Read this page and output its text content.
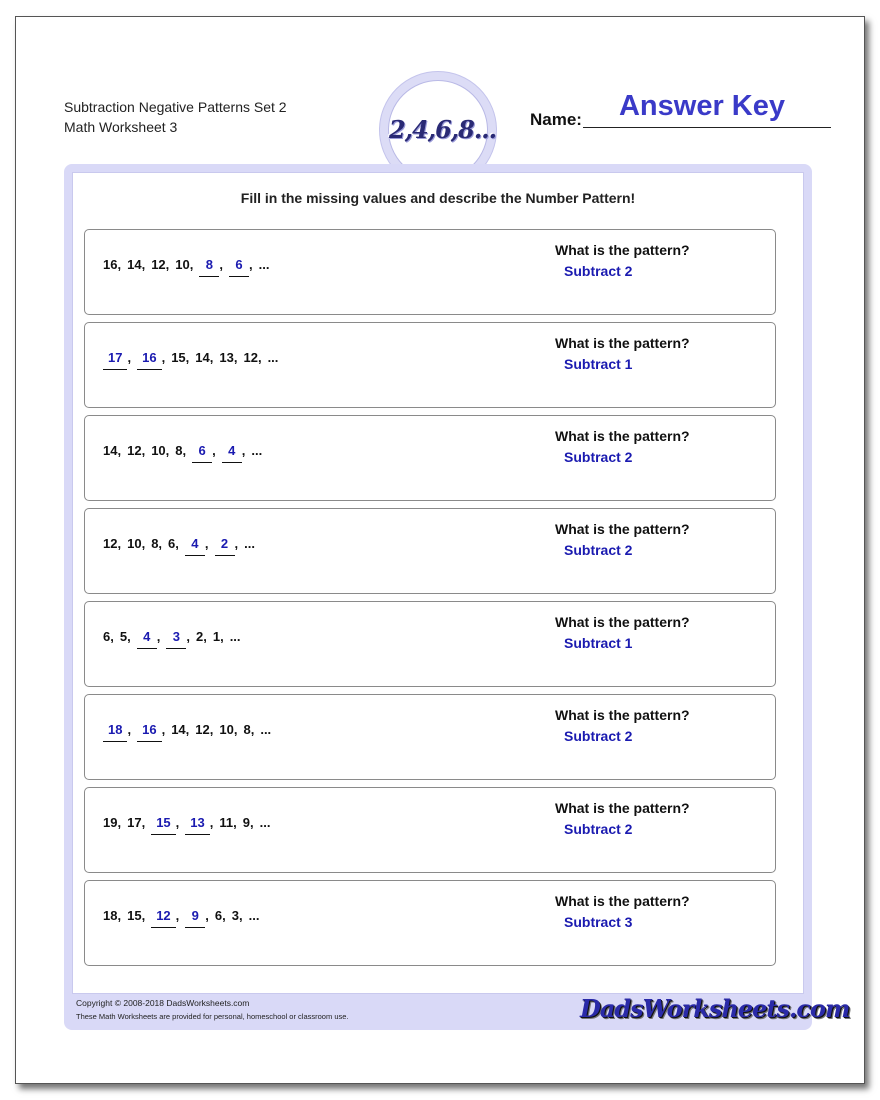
Subtraction Negative Patterns Set 2
Math Worksheet 3	2,4,6,8... Name:	Answer Key
Fill in the missing values and describe the Number Pattern!
16, 14, 12, 10, 8 , 6 , ...
What is the pattern?
Subtract 2
17 , 16 , 15, 14, 13, 12, ...
What is the pattern?
Subtract 1
14, 12, 10, 8, 6 , 4 , ...
What is the pattern?
Subtract 2
12, 10, 8, 6, 4 , 2 , ...
What is the pattern?
Subtract 2
6, 5, 4 , 3 , 2, 1, ...
What is the pattern?
Subtract 1
18 , 16 , 14, 12, 10, 8, ...
What is the pattern?
Subtract 2
19, 17, 15 , 13 , 11, 9, ...
What is the pattern?
Subtract 2
18, 15, 12 , 9 , 6, 3, ...
What is the pattern?
Subtract 3
Copyright © 2008-2018 DadsWorksheets.com
These Math Worksheets are provided for personal, homeschool or classroom use.	DadsWorksheets.com
